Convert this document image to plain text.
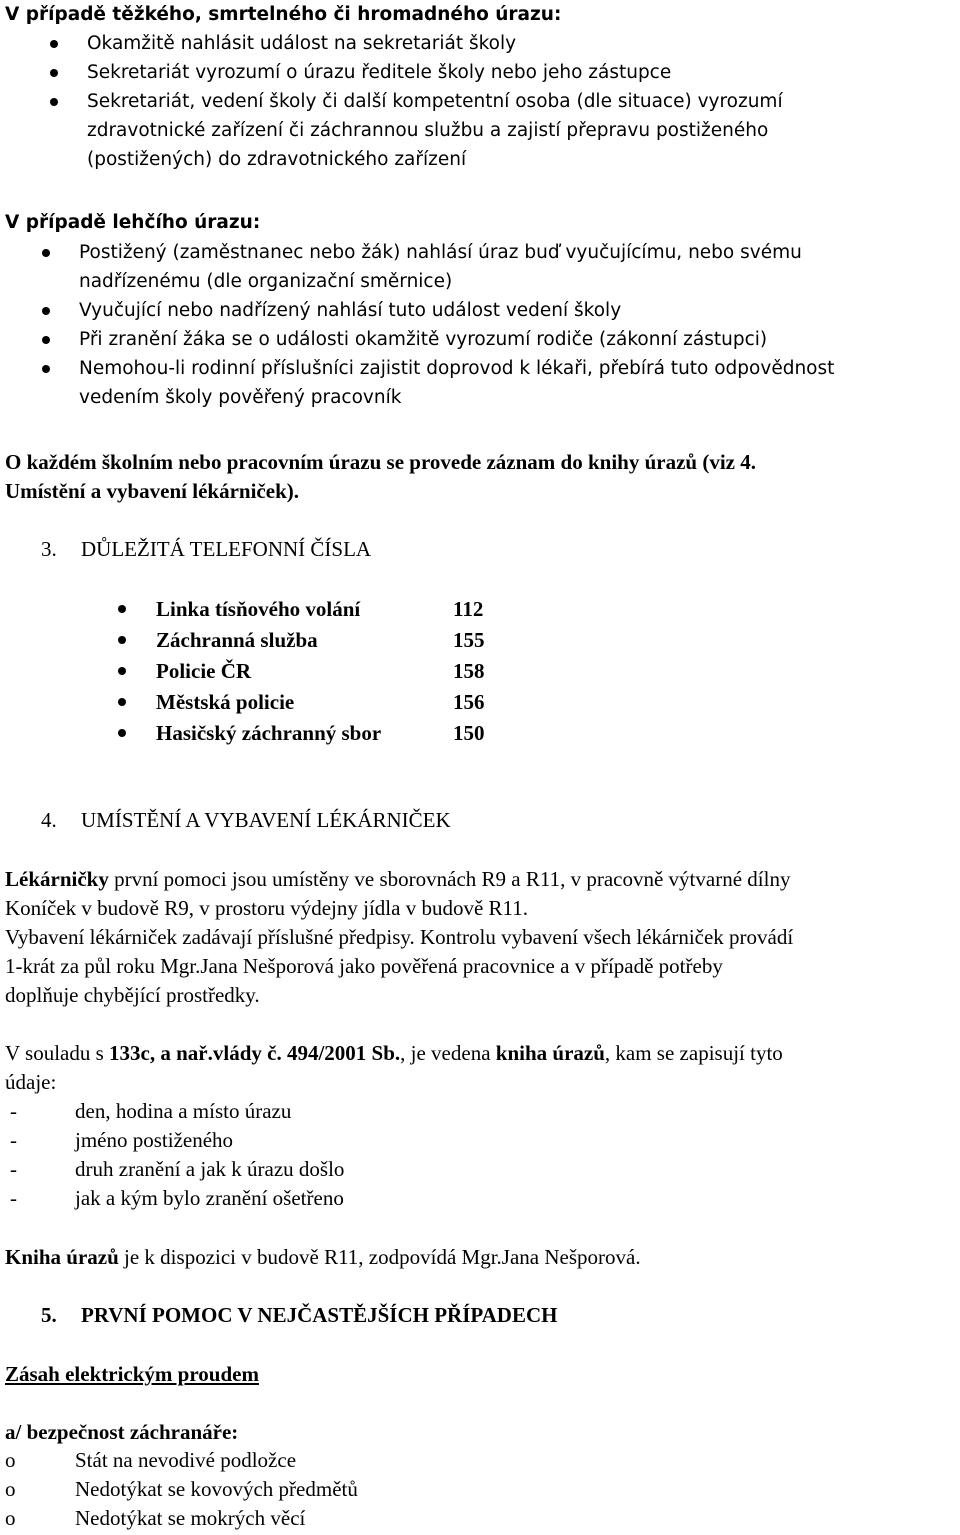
V případě těžkého, smrtelného či hromadného úrazu:
Okamžitě nahlásit událost na sekretariát školy
Sekretariát vyrozumí o úrazu ředitele školy nebo jeho zástupce
Sekretariát, vedení školy či další kompetentní osoba (dle situace) vyrozumí
zdravotnické zařízení či záchrannou službu a zajistí přepravu postiženého
(postižených) do zdravotnického zařízení
V případě lehčího úrazu:
Postižený (zaměstnanec nebo žák) nahlásí úraz buď vyučujícímu, nebo svému
nadřízenému (dle organizační směrnice)
Vyučující nebo nadřízený nahlásí tuto událost vedení školy
Při zranění žáka se o události okamžitě vyrozumí rodiče (zákonní zástupci)
Nemohou-li rodinní příslušníci zajistit doprovod k lékaři, přebírá tuto odpovědnost
vedením školy pověřený pracovník
O každém školním nebo pracovním úrazu se provede záznam do knihy úrazů (viz 4.
Umístění a vybavení lékárniček).
3. DŮLEŽITÁ TELEFONNÍ ČÍSLA
Linka tísňového volání	112
Záchranná služba	155
Policie ČR	158
Městská policie	156
Hasičský záchranný sbor	150
4. UMÍSTĚNÍ A VYBAVENÍ LÉKÁRNIČEK
Lékárničky první pomoci jsou umístěny ve sborovnách R9 a R11, v pracovně výtvarné dílny
Koníček v budově R9, v prostoru výdejny jídla v budově R11.
Vybavení lékárniček zadávají příslušné předpisy. Kontrolu vybavení všech lékárniček provádí
1-krát za půl roku Mgr.Jana Nešporová jako pověřená pracovnice a v případě potřeby
doplňuje chybějící prostředky.
V souladu s 133c, a nař.vlády č. 494/2001 Sb., je vedena kniha úrazů, kam se zapisují tyto
údaje:
-	den, hodina a místo úrazu
-	jméno postiženého
-	druh zranění a jak k úrazu došlo
-	jak a kým bylo zranění ošetřeno
Kniha úrazů je k dispozici v budově R11, zodpovídá Mgr.Jana Nešporová.
5. PRVNÍ POMOC V NEJČASTĚJŠÍCH PŘÍPADECH
Zásah elektrickým proudem
a/ bezpečnost záchranáře:
o	Stát na nevodivé podložce
o	Nedotýkat se kovových předmětů
o	Nedotýkat se mokrých věcí
